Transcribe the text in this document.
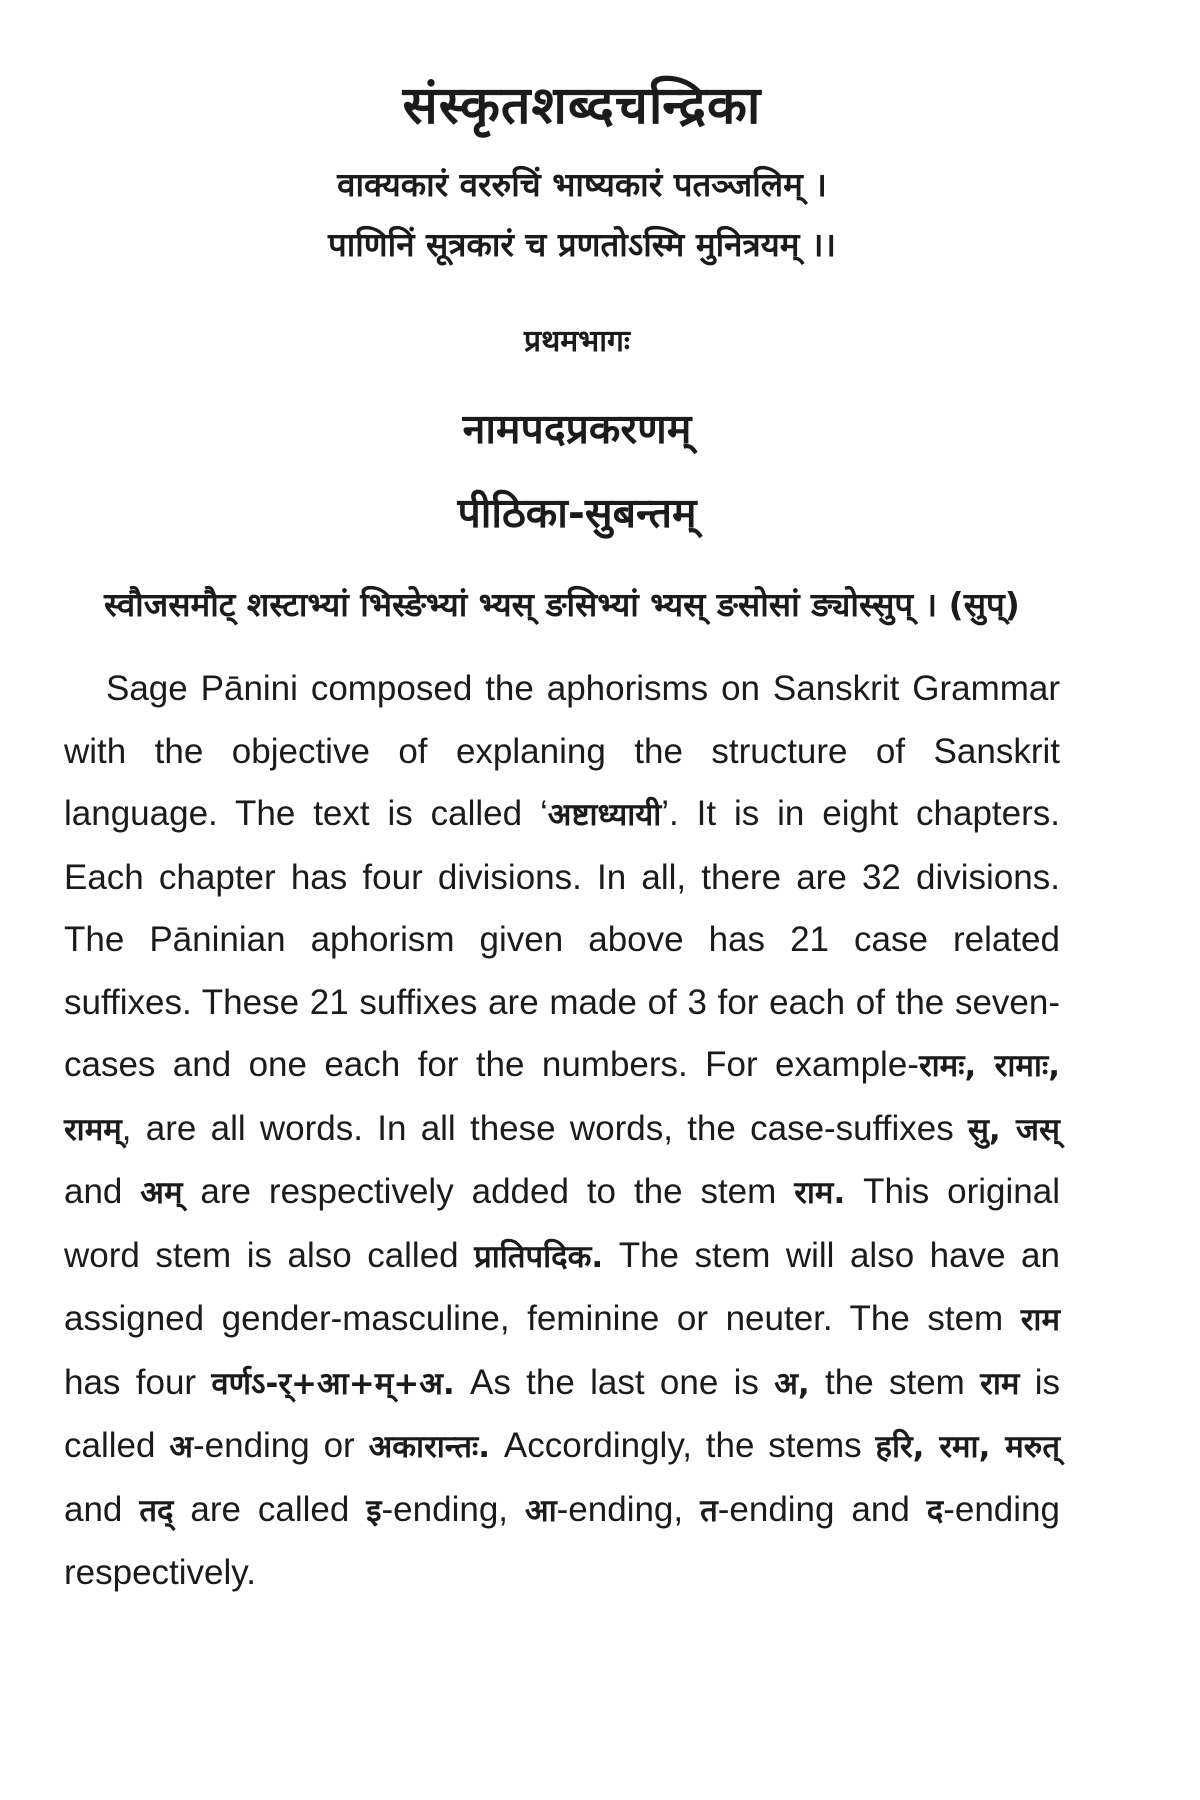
संस्कृतशब्दचन्द्रिका

वाक्यकारं वररुचिं भाष्यकारं पतञ्जलिम् ।

पाणिनिं सूत्रकारं च प्रणतोऽस्मि मुनित्रयम् ।।

प्रथमभागः

नामपदप्रकरणम्
पीठिका-सुबन्तम्

स्वौजसमौट् शस्टाभ्यां भिस्ङेभ्यां भ्यस् ङसिभ्यां भ्यस् ङसोसां ङ्योस्सुप् । (सुप्)

Sage Pānini composed the aphorisms on Sanskrit Grammar with the objective of explaning the structure of Sanskrit language. The text is called ‘अष्टाध्यायी’. It is in eight chapters. Each chapter has four divisions. In all, there are 32 divisions. The Pāninian aphorism given above has 21 case related suffixes. These 21 suffixes are made of 3 for each of the seven-cases and one each for the numbers. For example-रामः, रामाः, रामम्, are all words. In all these words, the case-suffixes सु, जस् and अम् are respectively added to the stem राम. This original word stem is also called प्रातिपदिक. The stem will also have an assigned gender-masculine, feminine or neuter. The stem राम has four वर्णऽ-र्+आ+म्+अ. As the last one is अ, the stem राम is called अ-ending or अकारान्तः. Accordingly, the stems हरि, रमा, मरुत् and तद् are called इ-ending, आ-ending, त-ending and द-ending respectively.
